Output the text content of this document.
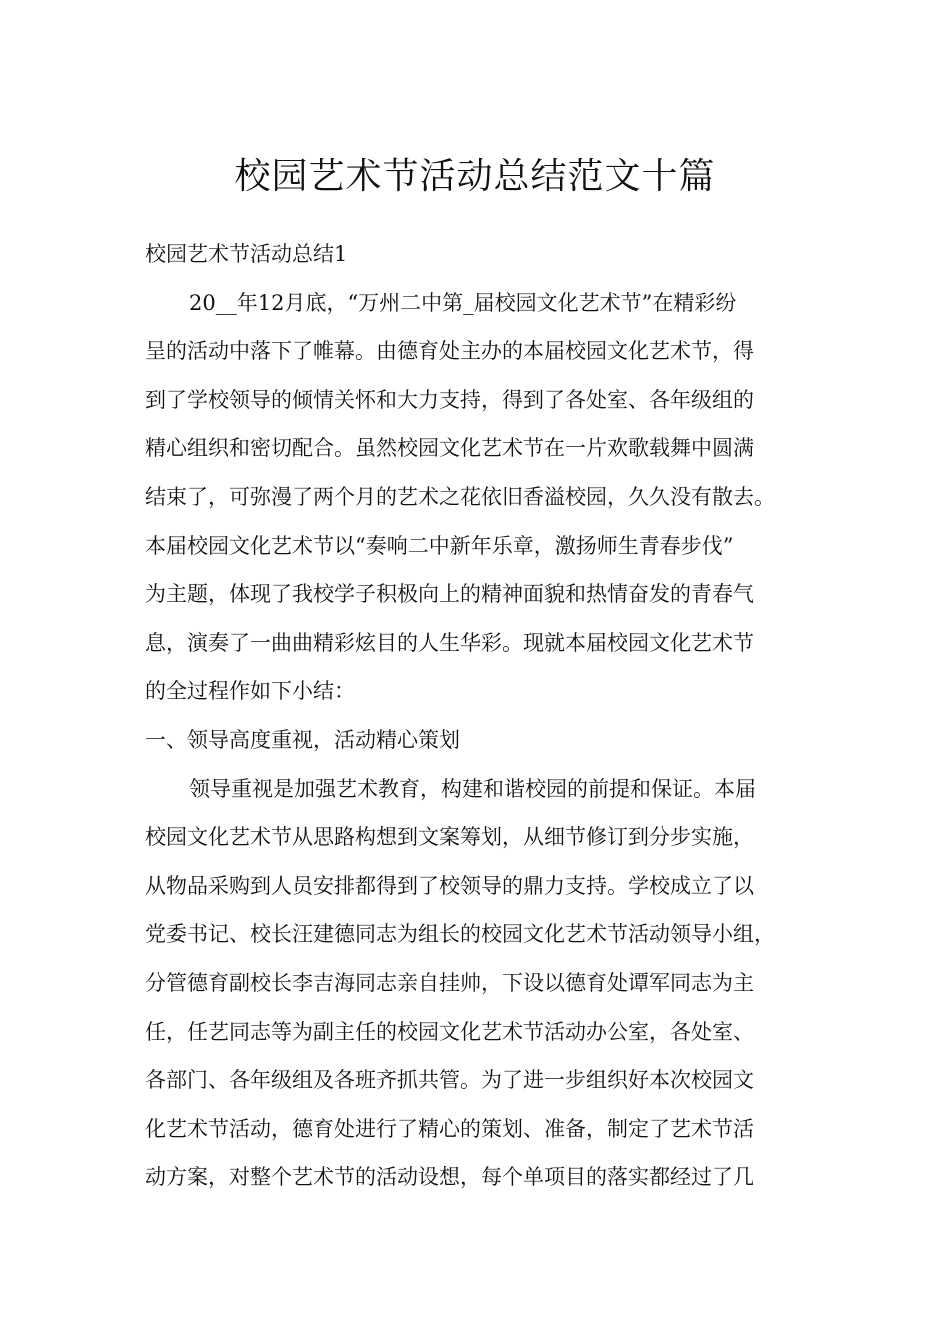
校园艺术节活动总结范文十篇

校园艺术节活动总结1

20__年12月底，“万州二中第_届校园文化艺术节”在精彩纷
呈的活动中落下了帷幕。由德育处主办的本届校园文化艺术节，得
到了学校领导的倾情关怀和大力支持，得到了各处室、各年级组的
精心组织和密切配合。虽然校园文化艺术节在一片欢歌载舞中圆满
结束了，可弥漫了两个月的艺术之花依旧香溢校园，久久没有散去。
本届校园文化艺术节以“奏响二中新年乐章，激扬师生青春步伐”
为主题，体现了我校学子积极向上的精神面貌和热情奋发的青春气
息，演奏了一曲曲精彩炫目的人生华彩。现就本届校园文化艺术节
的全过程作如下小结：

一、领导高度重视，活动精心策划

领导重视是加强艺术教育，构建和谐校园的前提和保证。本届
校园文化艺术节从思路构想到文案筹划，从细节修订到分步实施，
从物品采购到人员安排都得到了校领导的鼎力支持。学校成立了以
党委书记、校长汪建德同志为组长的校园文化艺术节活动领导小组，
分管德育副校长李吉海同志亲自挂帅，下设以德育处谭军同志为主
任，任艺同志等为副主任的校园文化艺术节活动办公室，各处室、
各部门、各年级组及各班齐抓共管。为了进一步组织好本次校园文
化艺术节活动，德育处进行了精心的策划、准备，制定了艺术节活
动方案，对整个艺术节的活动设想，每个单项目的落实都经过了几
